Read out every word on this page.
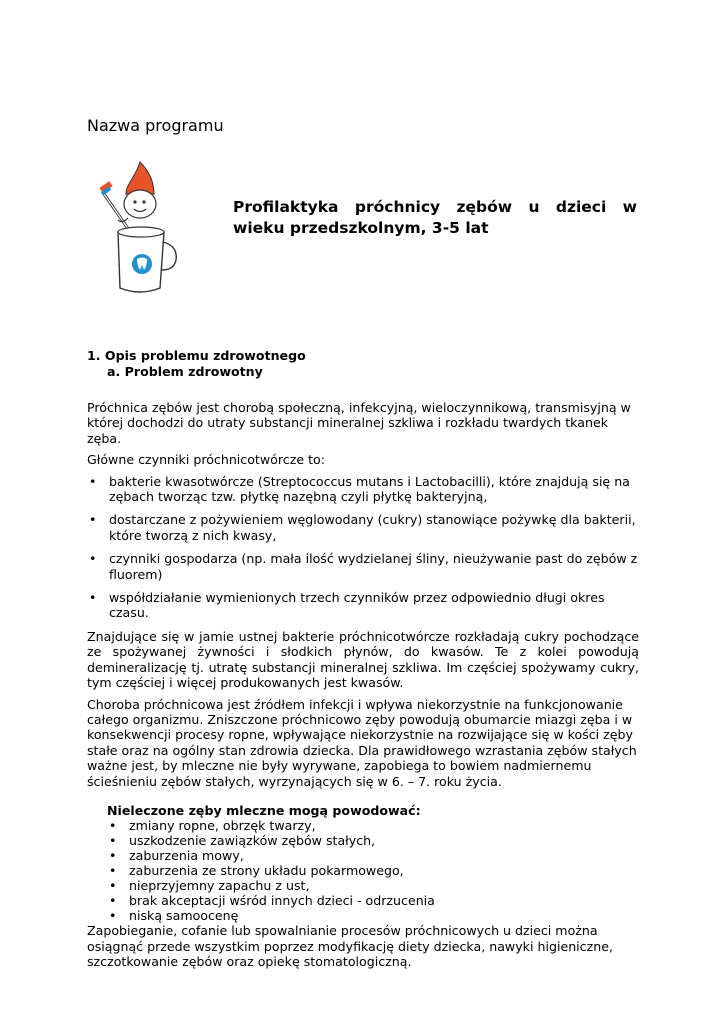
Nazwa programu
Profilaktyka próchnicy zębów u dzieci w wieku przedszkolnym, 3-5 lat
1. Opis problemu zdrowotnego
a. Problem zdrowotny

Próchnica zębów jest chorobą społeczną, infekcyjną, wieloczynnikową, transmisyjną w której dochodzi do utraty substancji mineralnej szkliwa i rozkładu twardych tkanek zęba.

Główne czynniki próchnicotwórcze to:

• bakterie kwasotwórcze (Streptococcus mutans i Lactobacilli), które znajdują się na zębach tworząc tzw. płytkę nazębną czyli płytkę bakteryjną,
• dostarczane z pożywieniem węglowodany (cukry) stanowiące pożywkę dla bakterii, które tworzą z nich kwasy,
• czynniki gospodarza (np. mała ilość wydzielanej śliny, nieużywanie past do zębów z fluorem)
• współdziałanie wymienionych trzech czynników przez odpowiednio długi okres czasu.

Znajdujące się w jamie ustnej bakterie próchnicotwórcze rozkładają cukry pochodzące ze spożywanej żywności i słodkich płynów, do kwasów. Te z kolei powodują demineralizację tj. utratę substancji mineralnej szkliwa. Im częściej spożywamy cukry, tym częściej i więcej produkowanych jest kwasów.

Choroba próchnicowa jest źródłem infekcji i wpływa niekorzystnie na funkcjonowanie całego organizmu. Zniszczone próchnicowo zęby powodują obumarcie miazgi zęba i w konsekwencji procesy ropne, wpływające niekorzystnie na rozwijające się w kości zęby stałe oraz na ogólny stan zdrowia dziecka. Dla prawidłowego wzrastania zębów stałych ważne jest, by mleczne nie były wyrywane, zapobiega to bowiem nadmiernemu ścieśnieniu zębów stałych, wyrzynających się w 6. – 7. roku życia.

Nieleczone zęby mleczne mogą powodować:
• zmiany ropne, obrzęk twarzy,
• uszkodzenie zawiązków zębów stałych,
• zaburzenia mowy,
• zaburzenia ze strony układu pokarmowego,
• nieprzyjemny zapachu z ust,
• brak akceptacji wśród innych dzieci - odrzucenia
• niską samoocenę

Zapobieganie, cofanie lub spowalnianie procesów próchnicowych u dzieci można osiągnąć przede wszystkim poprzez modyfikację diety dziecka, nawyki higieniczne, szczotkowanie zębów oraz opiekę stomatologiczną.
